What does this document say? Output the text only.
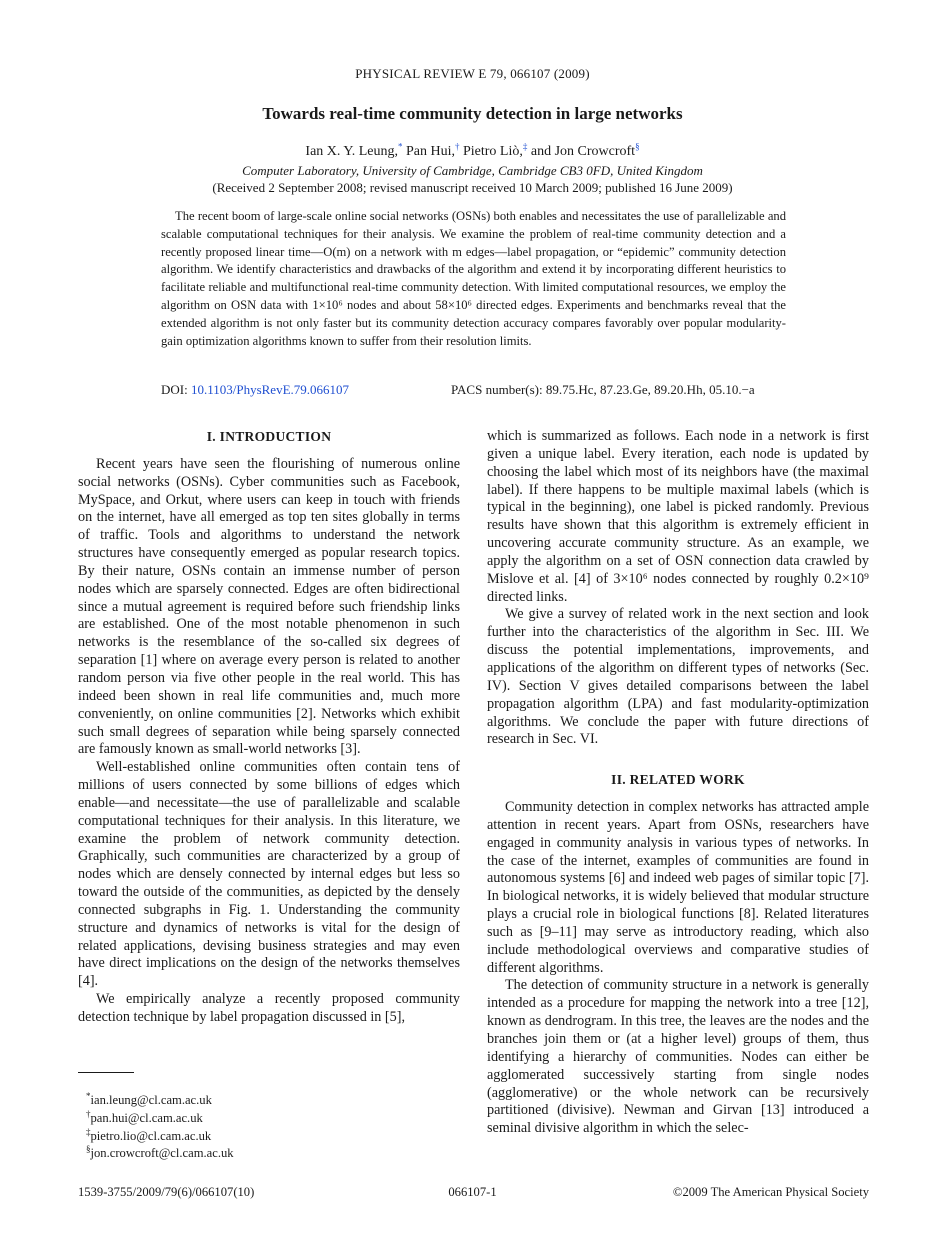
PHYSICAL REVIEW E 79, 066107 (2009)
Towards real-time community detection in large networks
Ian X. Y. Leung,* Pan Hui,† Pietro Liò,‡ and Jon Crowcroft§
Computer Laboratory, University of Cambridge, Cambridge CB3 0FD, United Kingdom
(Received 2 September 2008; revised manuscript received 10 March 2009; published 16 June 2009)

The recent boom of large-scale online social networks (OSNs) both enables and necessitates the use of parallelizable and scalable computational techniques for their analysis. We examine the problem of real-time community detection and a recently proposed linear time—O(m) on a network with m edges—label propagation, or “epidemic” community detection algorithm. We identify characteristics and drawbacks of the algorithm and extend it by incorporating different heuristics to facilitate reliable and multifunctional real-time community detection. With limited computational resources, we employ the algorithm on OSN data with 1×10⁶ nodes and about 58×10⁶ directed edges. Experiments and benchmarks reveal that the extended algorithm is not only faster but its community detection accuracy compares favorably over popular modularity-gain optimization algorithms known to suffer from their resolution limits.

DOI: 10.1103/PhysRevE.79.066107	PACS number(s): 89.75.Hc, 87.23.Ge, 89.20.Hh, 05.10.−a
I. INTRODUCTION

Recent years have seen the flourishing of numerous online social networks (OSNs). Cyber communities such as Facebook, MySpace, and Orkut, where users can keep in touch with friends on the internet, have all emerged as top ten sites globally in terms of traffic. Tools and algorithms to understand the network structures have consequently emerged as popular research topics. By their nature, OSNs contain an immense number of person nodes which are sparsely connected. Edges are often bidirectional since a mutual agreement is required before such friendship links are established. One of the most notable phenomenon in such networks is the resemblance of the so-called six degrees of separation [1] where on average every person is related to another random person via five other people in the real world. This has indeed been shown in real life communities and, much more conveniently, on online communities [2]. Networks which exhibit such small degrees of separation while being sparsely connected are famously known as small-world networks [3].

Well-established online communities often contain tens of millions of users connected by some billions of edges which enable—and necessitate—the use of parallelizable and scalable computational techniques for their analysis. In this literature, we examine the problem of network community detection. Graphically, such communities are characterized by a group of nodes which are densely connected by internal edges but less so toward the outside of the communities, as depicted by the densely connected subgraphs in Fig. 1. Understanding the community structure and dynamics of networks is vital for the design of related applications, devising business strategies and may even have direct implications on the design of the networks themselves [4].

We empirically analyze a recently proposed community detection technique by label propagation discussed in [5],

which is summarized as follows. Each node in a network is first given a unique label. Every iteration, each node is updated by choosing the label which most of its neighbors have (the maximal label). If there happens to be multiple maximal labels (which is typical in the beginning), one label is picked randomly. Previous results have shown that this algorithm is extremely efficient in uncovering accurate community structure. As an example, we apply the algorithm on a set of OSN connection data crawled by Mislove et al. [4] of 3×10⁶ nodes connected by roughly 0.2×10⁹ directed links.

We give a survey of related work in the next section and look further into the characteristics of the algorithm in Sec. III. We discuss the potential implementations, improvements, and applications of the algorithm on different types of networks (Sec. IV). Section V gives detailed comparisons between the label propagation algorithm (LPA) and fast modularity-optimization algorithms. We conclude the paper with future directions of research in Sec. VI.

II. RELATED WORK

Community detection in complex networks has attracted ample attention in recent years. Apart from OSNs, researchers have engaged in community analysis in various types of networks. In the case of the internet, examples of communities are found in autonomous systems [6] and indeed web pages of similar topic [7]. In biological networks, it is widely believed that modular structure plays a crucial role in biological functions [8]. Related literatures such as [9–11] may serve as introductory reading, which also include methodological overviews and comparative studies of different algorithms.

The detection of community structure in a network is generally intended as a procedure for mapping the network into a tree [12], known as dendrogram. In this tree, the leaves are the nodes and the branches join them or (at a higher level) groups of them, thus identifying a hierarchy of communities. Nodes can either be agglomerated successively starting from single nodes (agglomerative) or the whole network can be recursively partitioned (divisive). Newman and Girvan [13] introduced a seminal divisive algorithm in which the selec-

*ian.leung@cl.cam.ac.uk
†pan.hui@cl.cam.ac.uk
‡pietro.lio@cl.cam.ac.uk
§jon.crowcroft@cl.cam.ac.uk
1539-3755/2009/79(6)/066107(10)	066107-1	©2009 The American Physical Society
